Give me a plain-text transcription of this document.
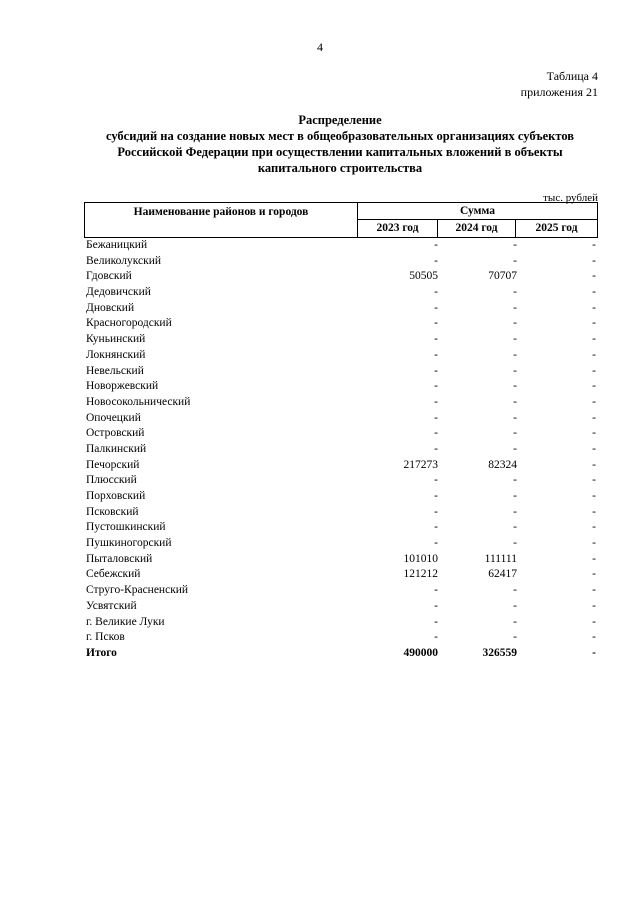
4
Таблица 4
приложения 21
Распределение
субсидий на создание новых мест в общеобразовательных организациях субъектов
Российской Федерации при осуществлении капитальных вложений в объекты
капитального строительства
тыс. рублей
Наименование районов и городов	Сумма
2023 год	2024 год	2025 год
Бежаницкий	-	-	-
Великолукский	-	-	-
Гдовский	50505	70707	-
Дедовичский	-	-	-
Дновский	-	-	-
Красногородский	-	-	-
Куньинский	-	-	-
Локнянский	-	-	-
Невельский	-	-	-
Новоржевский	-	-	-
Новосокольнический	-	-	-
Опочецкий	-	-	-
Островский	-	-	-
Палкинский	-	-	-
Печорский	217273	82324	-
Плюсский	-	-	-
Порховский	-	-	-
Псковский	-	-	-
Пустошкинский	-	-	-
Пушкиногорский	-	-	-
Пыталовский	101010	111111	-
Себежский	121212	62417	-
Струго-Красненский	-	-	-
Усвятский	-	-	-
г. Великие Луки	-	-	-
г. Псков	-	-	-
Итого	490000	326559	-
